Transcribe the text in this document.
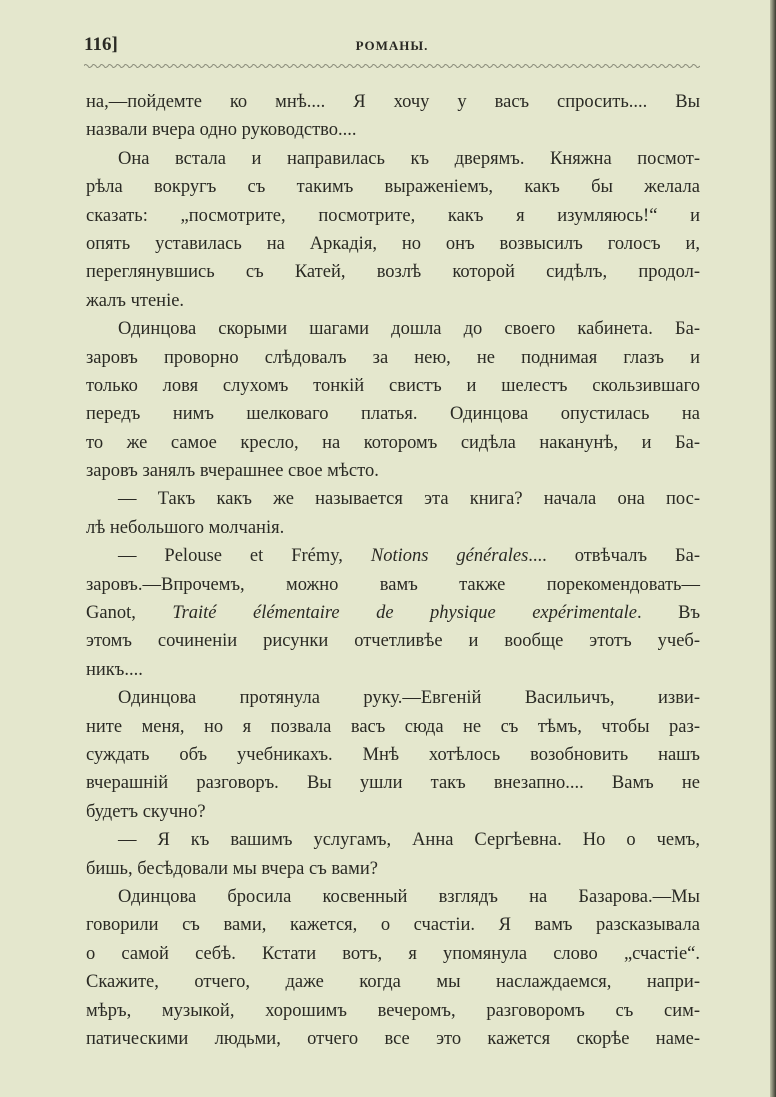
116]	РОМАНЫ.
на,—пойдемте ко мнѣ.... Я хочу у васъ спросить.... Вы
назвали вчера одно руководство....
Она встала и направилась къ дверямъ. Княжна посмот-
рѣла вокругъ съ такимъ выраженіемъ, какъ бы желала
сказать: „посмотрите, посмотрите, какъ я изумляюсь!“ и
опять уставилась на Аркадія, но онъ возвысилъ голосъ и,
переглянувшись съ Катей, возлѣ которой сидѣлъ, продол-
жалъ чтеніе.
Одинцова скорыми шагами дошла до своего кабинета. Ба-
заровъ проворно слѣдовалъ за нею, не поднимая глазъ и
только ловя слухомъ тонкій свистъ и шелестъ скользившаго
передъ нимъ шелковаго платья. Одинцова опустилась на
то же самое кресло, на которомъ сидѣла наканунѣ, и Ба-
заровъ занялъ вчерашнее свое мѣсто.
— Такъ какъ же называется эта книга? начала она пос-
лѣ небольшого молчанія.
— Pelouse et Frémy, Notions générales.... отвѣчалъ Ба-
заровъ.—Впрочемъ, можно вамъ также порекомендовать—
Ganot, Traité élémentaire de physique expérimentale. Въ
этомъ сочиненіи рисунки отчетливѣе и вообще этотъ учеб-
никъ....
Одинцова протянула руку.—Евгеній Васильичъ, изви-
ните меня, но я позвала васъ сюда не съ тѣмъ, чтобы раз-
суждать объ учебникахъ. Мнѣ хотѣлось возобновить нашъ
вчерашній разговоръ. Вы ушли такъ внезапно.... Вамъ не
будетъ скучно?
— Я къ вашимъ услугамъ, Анна Сергѣевна. Но о чемъ,
бишь, бесѣдовали мы вчера съ вами?
Одинцова бросила косвенный взглядъ на Базарова.—Мы
говорили съ вами, кажется, о счастіи. Я вамъ разсказывала
о самой себѣ. Кстати вотъ, я упомянула слово „счастіе“.
Скажите, отчего, даже когда мы наслаждаемся, напри-
мѣръ, музыкой, хорошимъ вечеромъ, разговоромъ съ сим-
патическими людьми, отчего все это кажется скорѣе наме-
